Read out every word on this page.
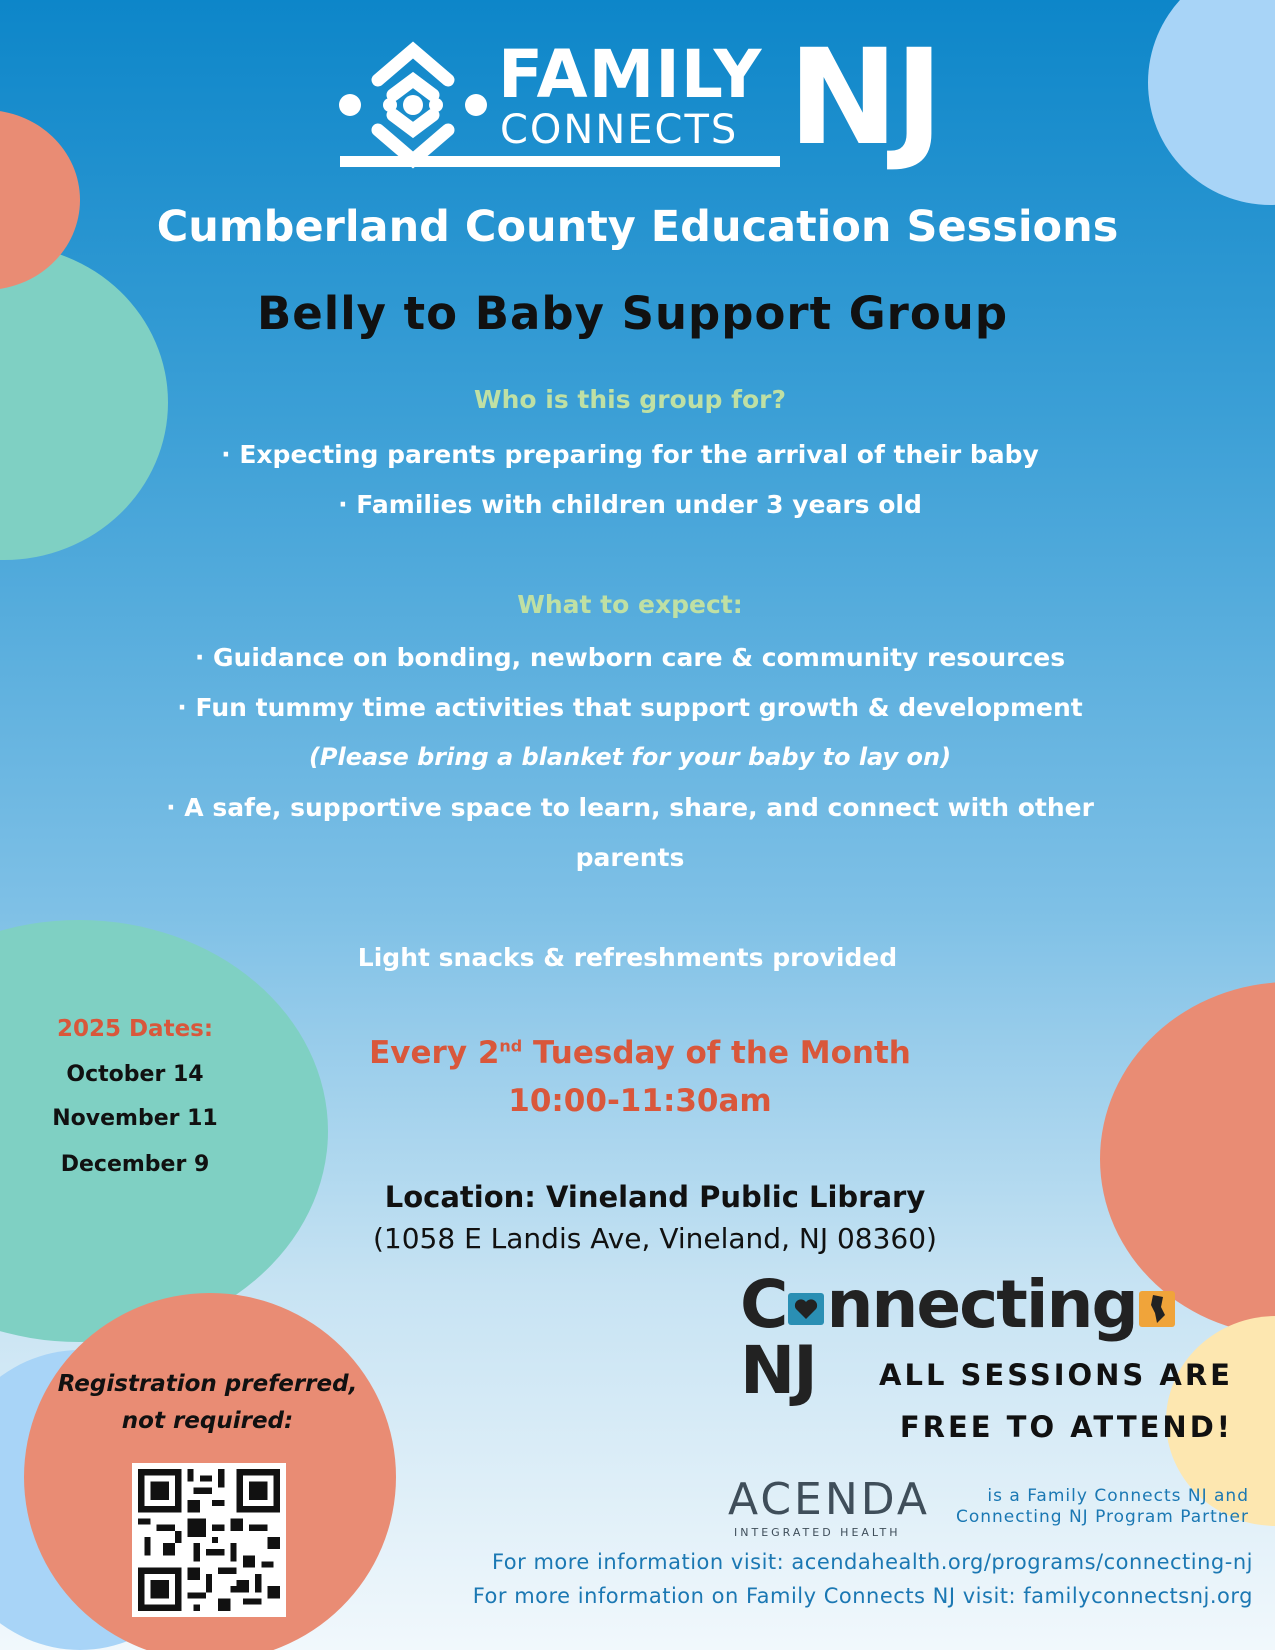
FAMILY
CONNECTS NJ
Cumberland County Education Sessions
Belly to Baby Support Group
Who is this group for?
· Expecting parents preparing for the arrival of their baby
· Families with children under 3 years old
What to expect:
· Guidance on bonding, newborn care & community resources
· Fun tummy time activities that support growth & development
(Please bring a blanket for your baby to lay on)
· A safe, supportive space to learn, share, and connect with other
parents
Light snacks & refreshments provided
Every 2nd Tuesday of the Month
10:00-11:30am
Location: Vineland Public Library
(1058 E Landis Ave, Vineland, NJ 08360)
2025 Dates:
October 14
November 11
December 9
C nnectingNJ	ALL SESSIONS ARE
FREE TO ATTEND!
Registration preferred, not required:
ACENDA
INTEGRATED HEALTH
is a Family Connects NJ and
Connecting NJ Program Partner
For more information visit: acendahealth.org/programs/connecting-nj
For more information on Family Connects NJ visit: familyconnectsnj.org
